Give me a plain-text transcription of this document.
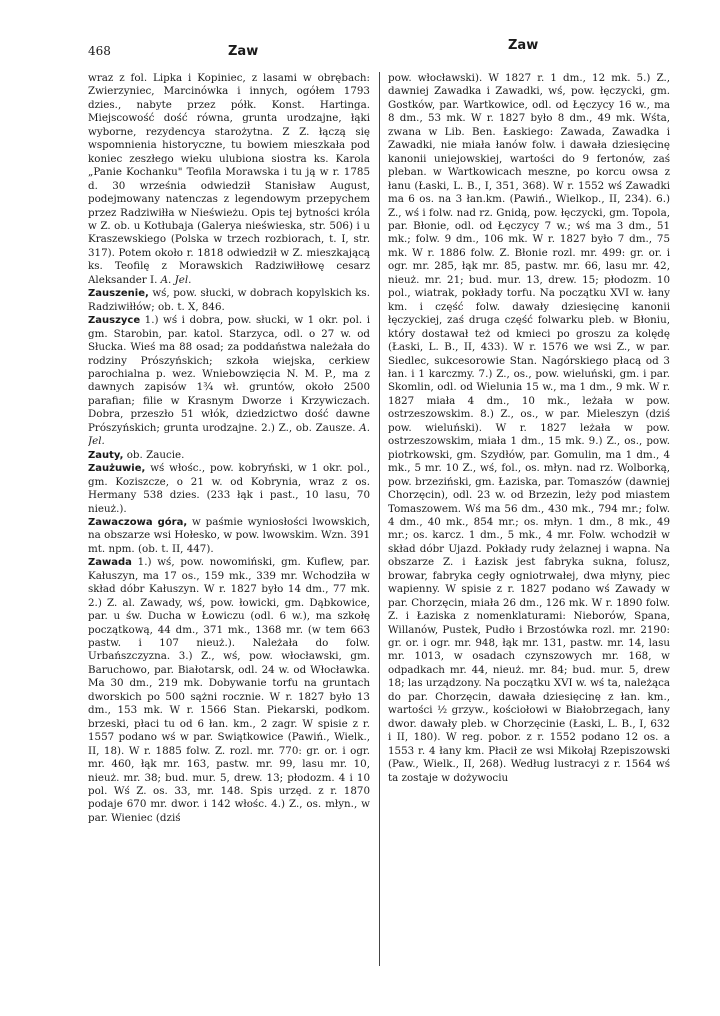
468	Zaw	Zaw

wraz z fol. Lipka i Kopiniec, z lasami w obrębach: Zwierzyniec, Marcinówka i innych, ogółem 1793 dzies., nabyte przez półk. Konst. Hartinga. Miejscowość dość równa, grunta urodzajne, łąki wyborne, rezydencya starożytna. Z Z. łączą się wspomnienia historyczne, tu bowiem mieszkała pod koniec zeszłego wieku ulubiona siostra ks. Karola „Panie Kochanku" Teofila Morawska i tu ją w r. 1785 d. 30 września odwiedził Stanisław August, podejmowany natenczas z legendowym przepychem przez Radziwiłła w Nieświeżu. Opis tej bytności króla w Z. ob. u Kotłubaja (Galerya nieświeska, str. 506) i u Kraszewskiego (Polska w trzech rozbiorach, t. I, str. 317). Potem około r. 1818 odwiedził w Z. mieszkającą ks. Teofilę z Morawskich Radziwiłłowę cesarz Aleksander I. A. Jel.

Zauszenie, wś, pow. słucki, w dobrach kopylskich ks. Radziwiłłów; ob. t. X, 846.

Zauszyce 1.) wś i dobra, pow. słucki, w 1 okr. pol. i gm. Starobin, par. katol. Starzyca, odl. o 27 w. od Słucka. Wieś ma 88 osad; za poddaństwa należała do rodziny Prószyńskich; szkoła wiejska, cerkiew parochialna p. wez. Wniebowzięcia N. M. P., ma z dawnych zapisów 1¾ wł. gruntów, około 2500 parafian; filie w Krasnym Dworze i Krzywiczach. Dobra, przeszło 51 włók, dziedzictwo dość dawne Prószyńskich; grunta urodzajne. 2.) Z., ob. Zausze. A. Jel.

Zauty, ob. Zaucie.

Zaużuwie, wś włośc., pow. kobryński, w 1 okr. pol., gm. Koziszcze, o 21 w. od Kobrynia, wraz z os. Hermany 538 dzies. (233 łąk i past., 10 lasu, 70 nieuż.).

Zawaczowa góra, w paśmie wyniosłości lwowskich, na obszarze wsi Hołesko, w pow. lwowskim. Wzn. 391 mt. npm. (ob. t. II, 447).

Zawada 1.) wś, pow. nowomiński, gm. Kuflew, par. Kałuszyn, ma 17 os., 159 mk., 339 mr. Wchodziła w skład dóbr Kałuszyn. W r. 1827 było 14 dm., 77 mk. 2.) Z. al. Zawady, wś, pow. łowicki, gm. Dąbkowice, par. u św. Ducha w Łowiczu (odl. 6 w.), ma szkołę początkową, 44 dm., 371 mk., 1368 mr. (w tem 663 pastw. i 107 nieuż.). Należała do folw. Urbańszczyzna. 3.) Z., wś, pow. włocławski, gm. Baruchowo, par. Białotarsk, odl. 24 w. od Włocławka. Ma 30 dm., 219 mk. Dobywanie torfu na gruntach dworskich po 500 sążni rocznie. W r. 1827 było 13 dm., 153 mk. W r. 1566 Stan. Piekarski, podkom. brzeski, płaci tu od 6 łan. km., 2 zagr. W spisie z r. 1557 podano wś w par. Swiątkowice (Pawiń., Wielk., II, 18). W r. 1885 folw. Z. rozl. mr. 770: gr. or. i ogr. mr. 460, łąk mr. 163, pastw. mr. 99, lasu mr. 10, nieuż. mr. 38; bud. mur. 5, drew. 13; płodozm. 4 i 10 pol. Wś Z. os. 33, mr. 148. Spis urzęd. z r. 1870 podaje 670 mr. dwor. i 142 włośc. 4.) Z., os. młyn., w par. Wieniec (dziś

pow. włocławski). W 1827 r. 1 dm., 12 mk. 5.) Z., dawniej Zawadka i Zawadki, wś, pow. łęczycki, gm. Gostków, par. Wartkowice, odl. od Łęczycy 16 w., ma 8 dm., 53 mk. W r. 1827 było 8 dm., 49 mk. Wśta, zwana w Lib. Ben. Łaskiego: Zawada, Zawadka i Zawadki, nie miała łanów folw. i dawała dziesięcinę kanonii uniejowskiej, wartości do 9 fertonów, zaś pleban. w Wartkowicach meszne, po korcu owsa z łanu (Łaski, L. B., I, 351, 368). W r. 1552 wś Zawadki ma 6 os. na 3 łan.km. (Pawiń., Wielkop., II, 234). 6.) Z., wś i folw. nad rz. Gnidą, pow. łęczycki, gm. Topola, par. Błonie, odl. od Łęczycy 7 w.; wś ma 3 dm., 51 mk.; folw. 9 dm., 106 mk. W r. 1827 było 7 dm., 75 mk. W r. 1886 folw. Z. Błonie rozl. mr. 499: gr. or. i ogr. mr. 285, łąk mr. 85, pastw. mr. 66, lasu mr. 42, nieuż. mr. 21; bud. mur. 13, drew. 15; płodozm. 10 pol., wiatrak, pokłady torfu. Na początku XVI w. łany km. i część folw. dawały dziesięcinę kanonii łęczyckiej, zaś druga część folwarku pleb. w Błoniu, który dostawał też od kmieci po groszu za kolędę (Łaski, L. B., II, 433). W r. 1576 we wsi Z., w par. Siedlec, sukcesorowie Stan. Nagórskiego płacą od 3 łan. i 1 karczmy. 7.) Z., os., pow. wieluński, gm. i par. Skomlin, odl. od Wielunia 15 w., ma 1 dm., 9 mk. W r. 1827 miała 4 dm., 10 mk., leżała w pow. ostrzeszowskim. 8.) Z., os., w par. Mieleszyn (dziś pow. wieluński). W r. 1827 leżała w pow. ostrzeszowskim, miała 1 dm., 15 mk. 9.) Z., os., pow. piotrkowski, gm. Szydłów, par. Gomulin, ma 1 dm., 4 mk., 5 mr. 10 Z., wś, fol., os. młyn. nad rz. Wolborką, pow. brzeziński, gm. Łaziska, par. Tomaszów (dawniej Chorzęcin), odl. 23 w. od Brzezin, leży pod miastem Tomaszowem. Wś ma 56 dm., 430 mk., 794 mr.; folw. 4 dm., 40 mk., 854 mr.; os. młyn. 1 dm., 8 mk., 49 mr.; os. karcz. 1 dm., 5 mk., 4 mr. Folw. wchodził w skład dóbr Ujazd. Pokłady rudy żelaznej i wapna. Na obszarze Z. i Łazisk jest fabryka sukna, folusz, browar, fabryka cegły ogniotrwałej, dwa młyny, piec wapienny. W spisie z r. 1827 podano wś Zawady w par. Chorzęcin, miała 26 dm., 126 mk. W r. 1890 folw. Z. i Łaziska z nomenklaturami: Nieborów, Spana, Willanów, Pustek, Pudło i Brzostówka rozl. mr. 2190: gr. or. i ogr. mr. 948, łąk mr. 131, pastw. mr. 14, lasu mr. 1013, w osadach czynszowych mr. 168, w odpadkach mr. 44, nieuż. mr. 84; bud. mur. 5, drew 18; las urządzony. Na początku XVI w. wś ta, należąca do par. Chorzęcin, dawała dziesięcinę z łan. km., wartości ½ grzyw., kościołowi w Białobrzegach, łany dwor. dawały pleb. w Chorzęcinie (Łaski, L. B., I, 632 i II, 180). W reg. pobor. z r. 1552 podano 12 os. a 1553 r. 4 łany km. Płacił ze wsi Mikołaj Rzepiszowski (Paw., Wielk., II, 268). Według lustracyi z r. 1564 wś ta zostaje w dożywociu
